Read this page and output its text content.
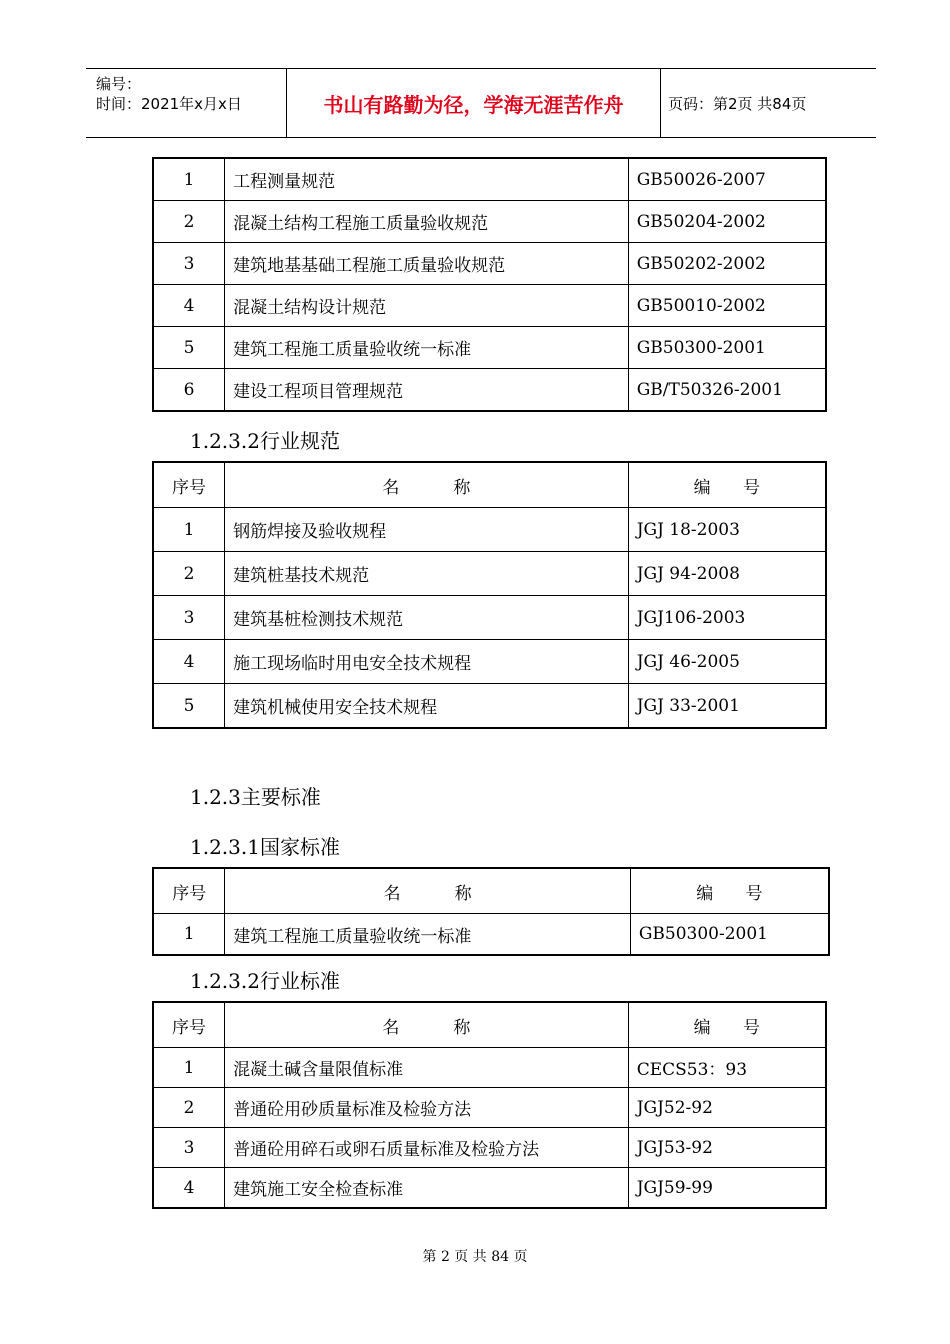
编号：
时间：2021年x月x日	书山有路勤为径，学海无涯苦作舟	页码：第2页 共84页
1	工程测量规范	GB50026-2007
2	混凝土结构工程施工质量验收规范	GB50204-2002
3	建筑地基基础工程施工质量验收规范	GB50202-2002
4	混凝土结构设计规范	GB50010-2002
5	建筑工程施工质量验收统一标准	GB50300-2001
6	建设工程项目管理规范	GB/T50326-2001
1.2.3.2行业规范
序号	名          称	编      号
1	钢筋焊接及验收规程	JGJ 18-2003
2	建筑桩基技术规范	JGJ 94-2008
3	建筑基桩检测技术规范	JGJ106-2003
4	施工现场临时用电安全技术规程	JGJ 46-2005
5	建筑机械使用安全技术规程	JGJ 33-2001
1.2.3主要标准
1.2.3.1国家标准
序号	名          称	编      号
1	建筑工程施工质量验收统一标准	GB50300-2001
1.2.3.2行业标准
序号	名          称	编      号
1	混凝土碱含量限值标准	CECS53：93
2	普通砼用砂质量标准及检验方法	JGJ52-92
3	普通砼用碎石或卵石质量标准及检验方法	JGJ53-92
4	建筑施工安全检查标准	JGJ59-99
第 2 页 共 84 页
